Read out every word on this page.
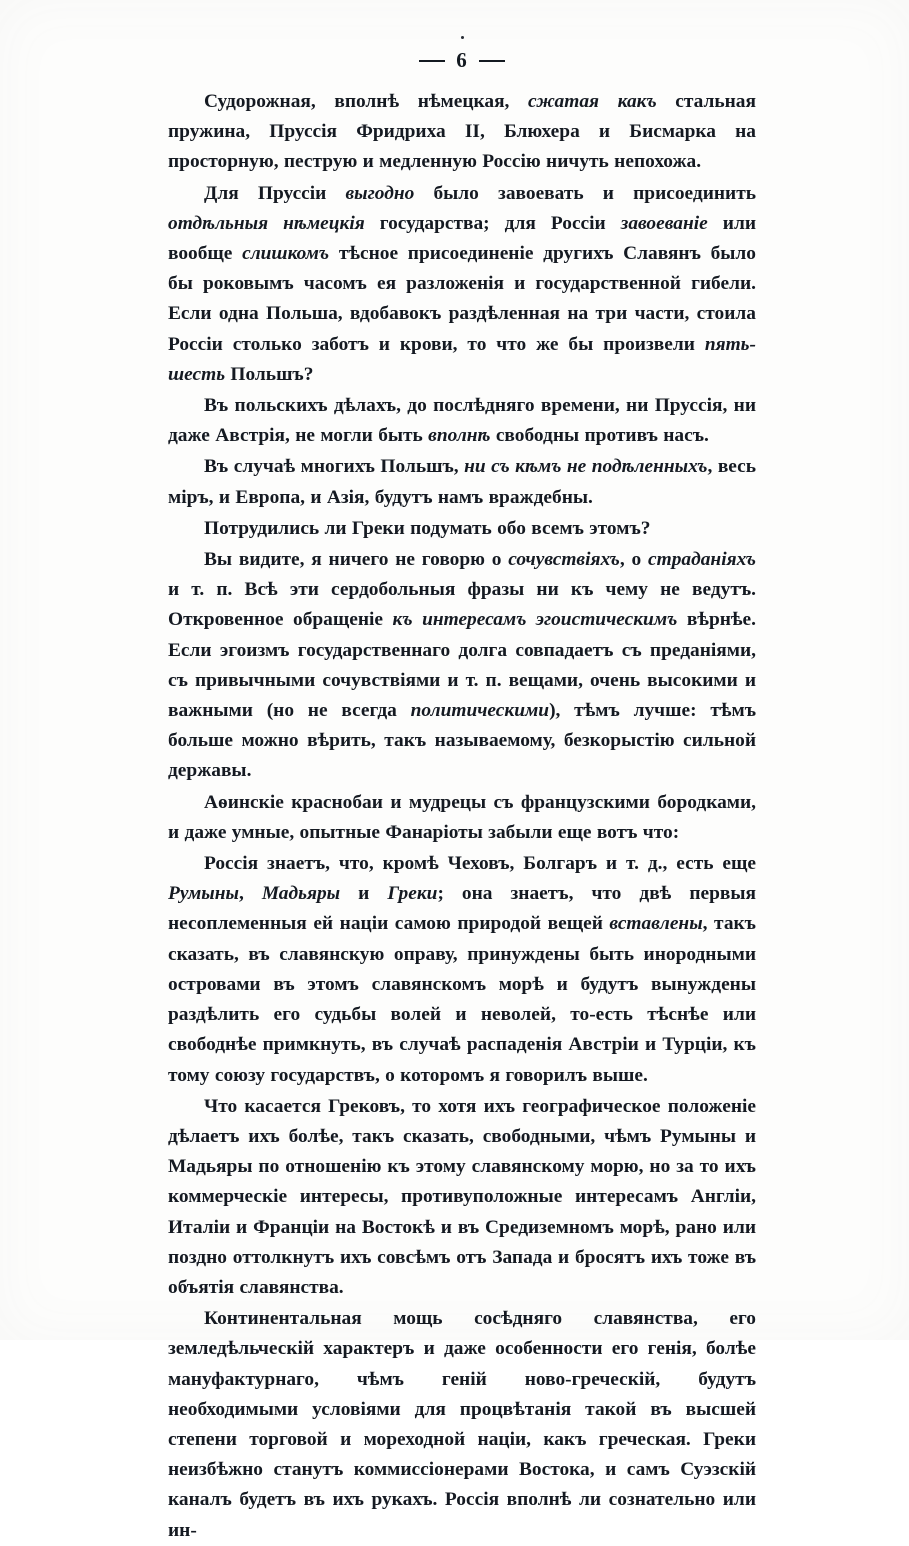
6

Судорожная, вполнѣ нѣмецкая, сжатая какъ стальная пружина, Пруссія Фридриха II, Блюхера и Бисмарка на просторную, пеструю и медленную Россію ничуть непохожа.

Для Пруссіи выгодно было завоевать и присоединить отдѣльныя нѣмецкія государства; для Россіи завоеваніе или вообще слишкомъ тѣсное присоединеніе другихъ Славянъ было бы роковымъ часомъ ея разложенія и государственной гибели. Если одна Польша, вдобавокъ раздѣленная на три части, стоила Россіи столько заботъ и крови, то что же бы произвели пять-шесть Польшъ?

Въ польскихъ дѣлахъ, до послѣдняго времени, ни Пруссія, ни даже Австрія, не могли быть вполнѣ свободны противъ насъ.

Въ случаѣ многихъ Польшъ, ни съ кѣмъ не подѣленныхъ, весь міръ, и Европа, и Азія, будутъ намъ враждебны.

Потрудились ли Греки подумать обо всемъ этомъ?

Вы видите, я ничего не говорю о сочувствіяхъ, о страданіяхъ и т. п. Всѣ эти сердобольныя фразы ни къ чему не ведутъ. Откровенное обращеніе къ интересамъ эгоистическимъ вѣрнѣе. Если эгоизмъ государственнаго долга совпадаетъ съ преданіями, съ привычными сочувствіями и т. п. вещами, очень высокими и важными (но не всегда политическими), тѣмъ лучше: тѣмъ больше можно вѣрить, такъ называемому, безкорыстію сильной державы.

Аѳинскіе краснобаи и мудрецы съ французскими бородками, и даже умные, опытные Фанаріоты забыли еще вотъ что:

Россія знаетъ, что, кромѣ Чеховъ, Болгаръ и т. д., есть еще Румыны, Мадьяры и Греки; она знаетъ, что двѣ первыя несоплеменныя ей націи самою природой вещей вставлены, такъ сказать, въ славянскую оправу, принуждены быть инородными островами въ этомъ славянскомъ морѣ и будутъ вынуждены раздѣлить его судьбы волей и неволей, то-есть тѣснѣе или свободнѣе примкнуть, въ случаѣ распаденія Австріи и Турціи, къ тому союзу государствъ, о которомъ я говорилъ выше.

Что касается Грековъ, то хотя ихъ географическое положеніе дѣлаетъ ихъ болѣе, такъ сказать, свободными, чѣмъ Румыны и Мадьяры по отношенію къ этому славянскому морю, но за то ихъ коммерческіе интересы, противуположные интересамъ Англіи, Италіи и Франціи на Востокѣ и въ Средиземномъ морѣ, рано или поздно оттолкнутъ ихъ совсѣмъ отъ Запада и бросятъ ихъ тоже въ объятія славянства.

Континентальная мощь сосѣдняго славянства, его земледѣльческій характеръ и даже особенности его генія, болѣе мануфактурнаго, чѣмъ геній ново-греческій, будутъ необходимыми условіями для процвѣтанія такой въ высшей степени торговой и мореходной націи, какъ греческая. Греки неизбѣжно станутъ коммиссіонерами Востока, и самъ Суэзскій каналъ будетъ въ ихъ рукахъ. Россія вполнѣ ли сознательно или ин-
